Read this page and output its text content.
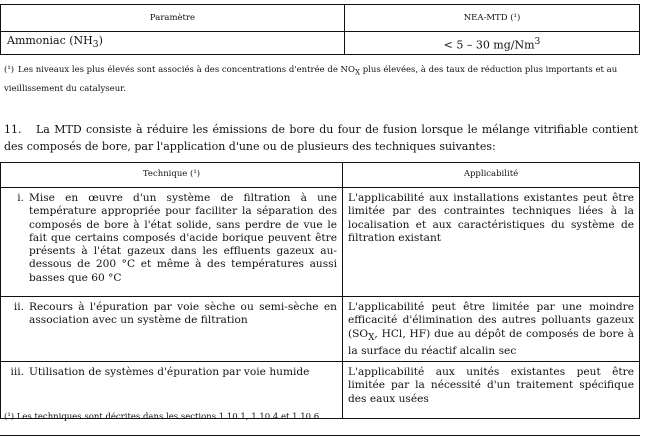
Paramètre	NEA-MTD (¹)
Ammoniac $(NH_3)$	< 5 – 30 mg/Nm$^3$
(¹) Les niveaux les plus élevés sont associés à des concentrations d'entrée de $NO_X$ plus élevées, à des taux de réduction plus importants et au vieillissement du catalyseur.
11. La MTD consiste à réduire les émissions de bore du four de fusion lorsque le mélange vitrifiable contient des composés de bore, par l'application d'une ou de plusieurs des techniques suivantes:
Technique (¹)	Applicabilité

i. Mise en œuvre d'un système de filtration à une température appropriée pour faciliter la séparation des composés de bore à l'état solide, sans perdre de vue le fait que certains composés d'acide borique peuvent être présents à l'état gazeux dans les effluents gazeux au-dessous de 200 °C et même à des températures aussi basses que 60 °C	L'applicabilité aux installations existantes peut être limitée par des contraintes techniques liées à la localisation et aux caractéristiques du système de filtration existant

ii. Recours à l'épuration par voie sèche ou semi-sèche en association avec un système de filtration	L'applicabilité peut être limitée par une moindre efficacité d'élimination des autres polluants gazeux ($SO_X$, HCl, HF) due au dépôt de composés de bore à la surface du réactif alcalin sec

iii. Utilisation de systèmes d'épuration par voie humide	L'applicabilité aux unités existantes peut être limitée par la nécessité d'un traitement spécifique des eaux usées
(¹) Les techniques sont décrites dans les sections 1.10.1, 1.10.4 et 1.10.6.
